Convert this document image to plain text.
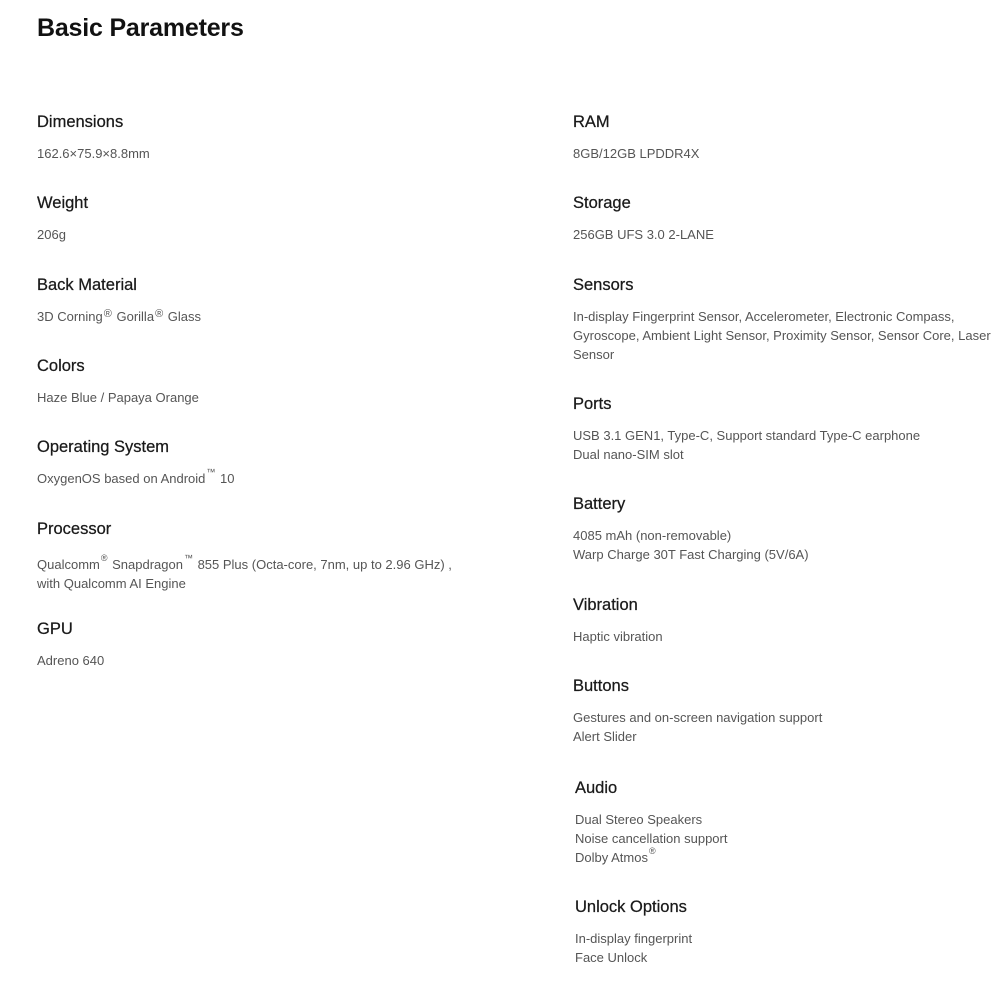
Basic Parameters
Dimensions
162.6×75.9×8.8mm
Weight
206g
Back Material
3D Corning® Gorilla® Glass
Colors
Haze Blue / Papaya Orange
Operating System
OxygenOS based on Android™ 10
Processor
Qualcomm® Snapdragon™ 855 Plus (Octa-core, 7nm, up to 2.96 GHz) ,
with Qualcomm AI Engine
GPU
Adreno 640
RAM
8GB/12GB LPDDR4X
Storage
256GB UFS 3.0 2-LANE
Sensors
In-display Fingerprint Sensor, Accelerometer, Electronic Compass,
Gyroscope, Ambient Light Sensor, Proximity Sensor, Sensor Core, Laser
Sensor
Ports
USB 3.1 GEN1, Type-C, Support standard Type-C earphone
Dual nano-SIM slot
Battery
4085 mAh (non-removable)
Warp Charge 30T Fast Charging (5V/6A)
Vibration
Haptic vibration
Buttons
Gestures and on-screen navigation support
Alert Slider
Audio
Dual Stereo Speakers
Noise cancellation support
Dolby Atmos®
Unlock Options
In-display fingerprint
Face Unlock
